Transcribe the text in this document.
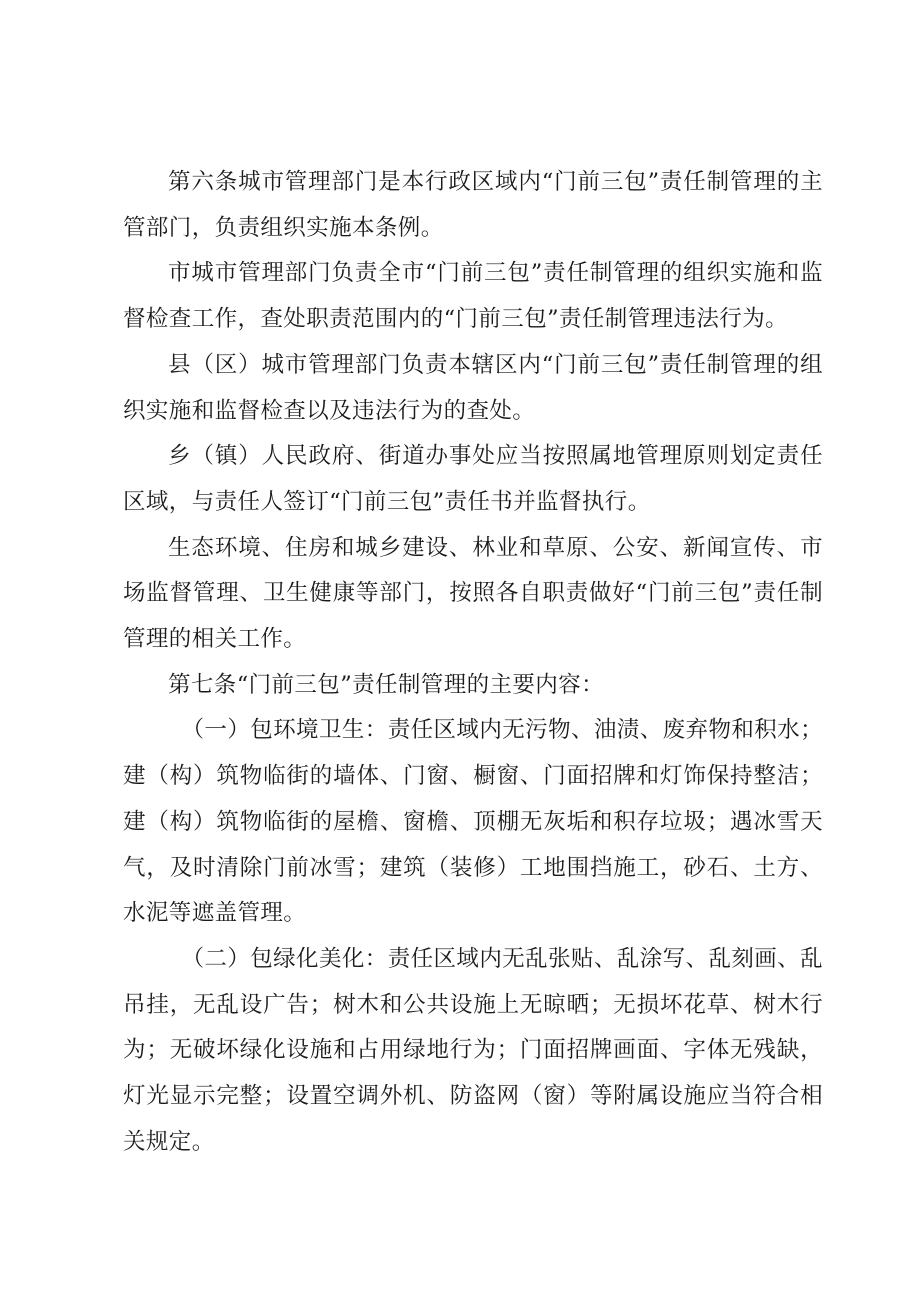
第六条城市管理部门是本行政区域内“门前三包”责任制管理的主管部门，负责组织实施本条例。

市城市管理部门负责全市“门前三包”责任制管理的组织实施和监督检查工作，查处职责范围内的“门前三包”责任制管理违法行为。

县（区）城市管理部门负责本辖区内“门前三包”责任制管理的组织实施和监督检查以及违法行为的查处。

乡（镇）人民政府、街道办事处应当按照属地管理原则划定责任区域，与责任人签订“门前三包”责任书并监督执行。

生态环境、住房和城乡建设、林业和草原、公安、新闻宣传、市场监督管理、卫生健康等部门，按照各自职责做好“门前三包”责任制管理的相关工作。

第七条“门前三包”责任制管理的主要内容：

（一）包环境卫生：责任区域内无污物、油渍、废弃物和积水；建（构）筑物临街的墙体、门窗、橱窗、门面招牌和灯饰保持整洁；建（构）筑物临街的屋檐、窗檐、顶棚无灰垢和积存垃圾；遇冰雪天气，及时清除门前冰雪；建筑（装修）工地围挡施工，砂石、土方、水泥等遮盖管理。

（二）包绿化美化：责任区域内无乱张贴、乱涂写、乱刻画、乱吊挂，无乱设广告；树木和公共设施上无晾晒；无损坏花草、树木行为；无破坏绿化设施和占用绿地行为；门面招牌画面、字体无残缺，灯光显示完整；设置空调外机、防盗网（窗）等附属设施应当符合相关规定。
